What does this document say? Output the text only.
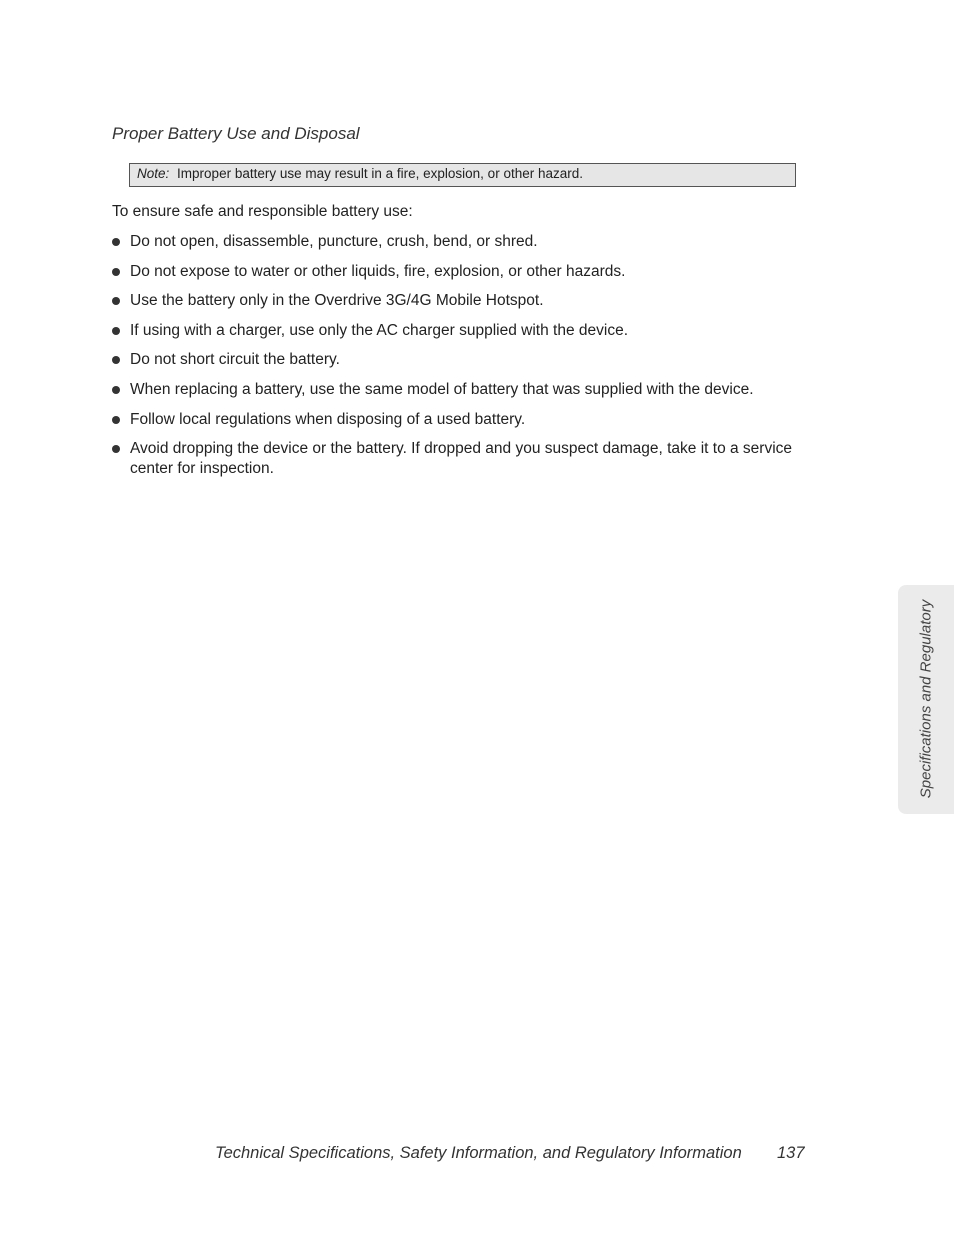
Proper Battery Use and Disposal
Note: Improper battery use may result in a fire, explosion, or other hazard.

To ensure safe and responsible battery use:

Do not open, disassemble, puncture, crush, bend, or shred.
Do not expose to water or other liquids, fire, explosion, or other hazards.
Use the battery only in the Overdrive 3G/4G Mobile Hotspot.
If using with a charger, use only the AC charger supplied with the device.
Do not short circuit the battery.
When replacing a battery, use the same model of battery that was supplied with the device.
Follow local regulations when disposing of a used battery.
Avoid dropping the device or the battery. If dropped and you suspect damage, take it to a service center for inspection.
Specifications and Regulatory
Technical Specifications, Safety Information, and Regulatory Information 137
